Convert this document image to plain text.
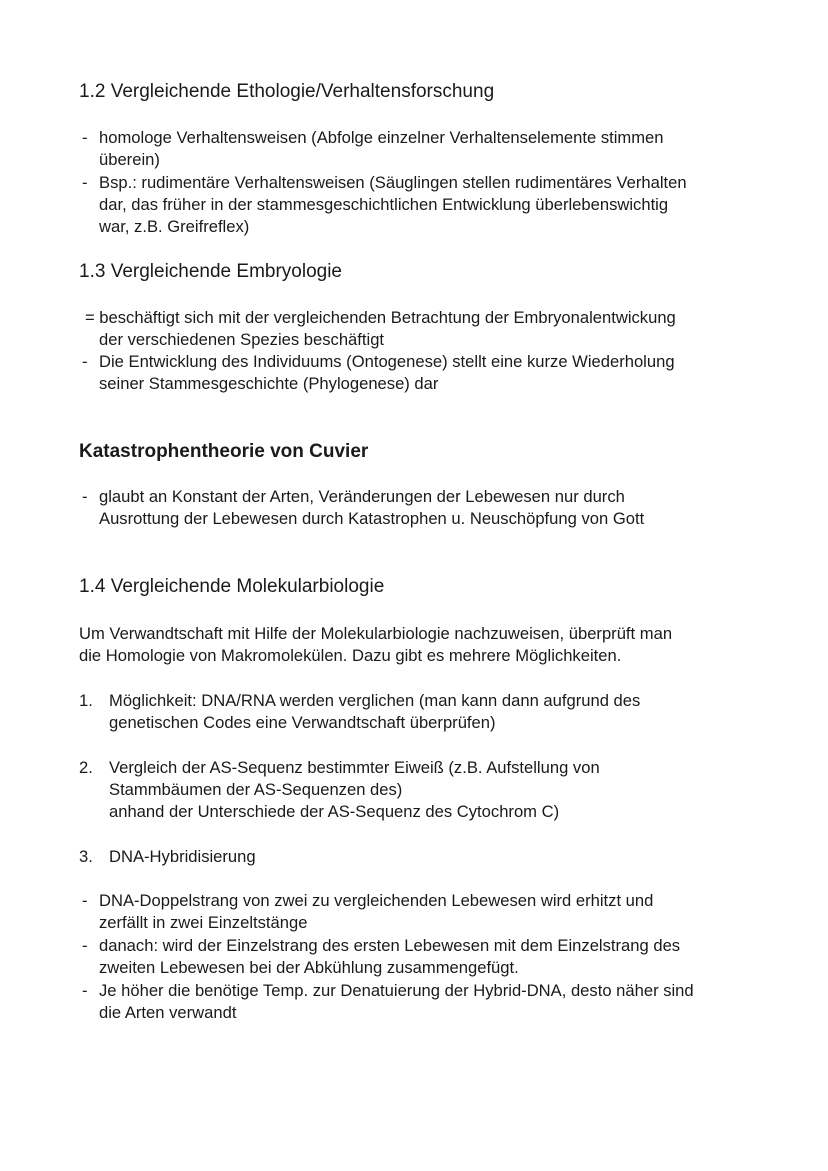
1.2 Vergleichende Ethologie/Verhaltensforschung
- homologe Verhaltensweisen (Abfolge einzelner Verhaltenselemente stimmen
überein)
- Bsp.: rudimentäre Verhaltensweisen (Säuglingen stellen rudimentäres Verhalten
dar, das früher in der stammesgeschichtlichen Entwicklung überlebenswichtig
war, z.B. Greifreflex)
1.3 Vergleichende Embryologie
= beschäftigt sich mit der vergleichenden Betrachtung der Embryonalentwickung
der verschiedenen Spezies beschäftigt
- Die Entwicklung des Individuums (Ontogenese) stellt eine kurze Wiederholung
seiner Stammesgeschichte (Phylogenese) dar
Katastrophentheorie von Cuvier
- glaubt an Konstant der Arten, Veränderungen der Lebewesen nur durch
Ausrottung der Lebewesen durch Katastrophen u. Neuschöpfung von Gott
1.4 Vergleichende Molekularbiologie
Um Verwandtschaft mit Hilfe der Molekularbiologie nachzuweisen, überprüft man
die Homologie von Makromolekülen. Dazu gibt es mehrere Möglichkeiten.
1. Möglichkeit: DNA/RNA werden verglichen (man kann dann aufgrund des
genetischen Codes eine Verwandtschaft überprüfen)
2. Vergleich der AS-Sequenz bestimmter Eiweiß (z.B. Aufstellung von
Stammbäumen der AS-Sequenzen des)
anhand der Unterschiede der AS-Sequenz des Cytochrom C)
3. DNA-Hybridisierung
- DNA-Doppelstrang von zwei zu vergleichenden Lebewesen wird erhitzt und
zerfällt in zwei Einzeltstänge
- danach: wird der Einzelstrang des ersten Lebewesen mit dem Einzelstrang des
zweiten Lebewesen bei der Abkühlung zusammengefügt.
- Je höher die benötige Temp. zur Denatuierung der Hybrid-DNA, desto näher sind
die Arten verwandt
